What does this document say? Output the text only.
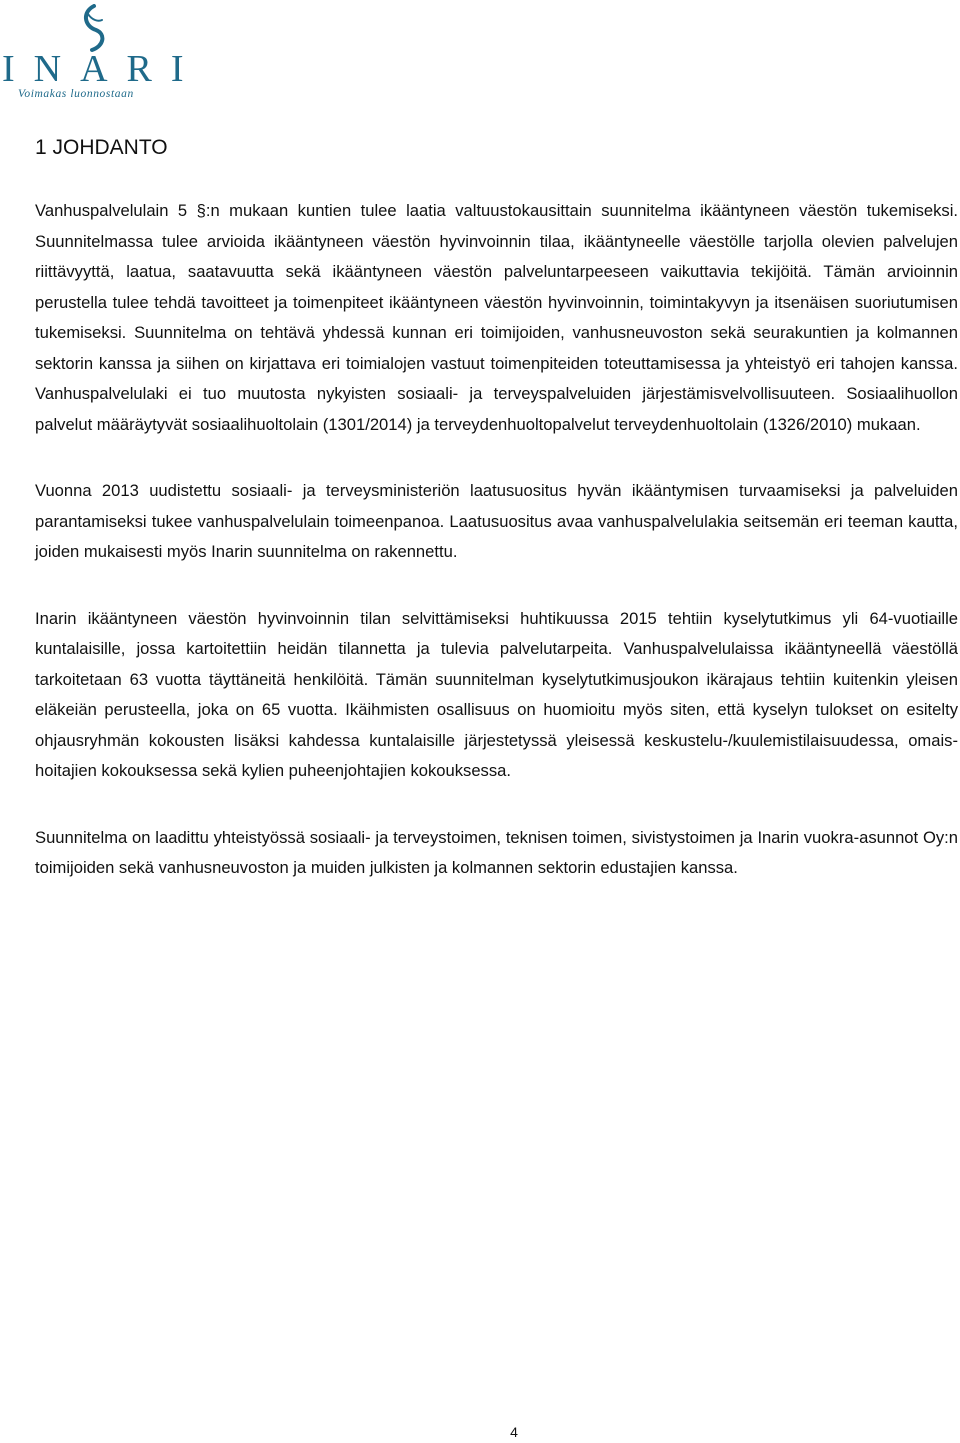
INARI
Voimakas luonnostaan
1 JOHDANTO

Vanhuspalvelulain 5 §:n mukaan kuntien tulee laatia valtuustokausittain suunnitelma ikääntyneen väestön tukemiseksi. Suunnitelmassa tulee arvioida ikääntyneen väestön hyvinvoinnin tilaa, ikääntyneelle väestölle tarjolla olevien palvelujen riittävyyttä, laatua, saatavuutta sekä ikääntyneen väestön palveluntarpeeseen vaikuttavia tekijöitä. Tämän arvioinnin perustella tulee tehdä tavoitteet ja toimenpiteet ikääntyneen väestön hyvinvoinnin, toimintakyvyn ja itsenäisen suoriutumisen tukemiseksi. Suunnitelma on tehtävä yhdessä kunnan eri toimijoiden, vanhusneuvoston sekä seurakuntien ja kolmannen sektorin kanssa ja siihen on kirjattava eri toimialojen vastuut toimenpiteiden toteuttamisessa ja yhteistyö eri tahojen kanssa. Vanhuspalvelulaki ei tuo muutosta nykyisten sosiaali- ja terveyspalveluiden järjestämisvelvollisuuteen. Sosiaalihuollon palvelut määräytyvät sosiaalihuoltolain (1301/2014) ja terveydenhuoltopalvelut terveydenhuoltolain (1326/2010) mukaan.

Vuonna 2013 uudistettu sosiaali- ja terveysministeriön laatusuositus hyvän ikääntymisen turvaamiseksi ja palveluiden parantamiseksi tukee vanhuspalvelulain toimeenpanoa. Laatusuositus avaa vanhuspalvelulakia seitsemän eri teeman kautta, joiden mukaisesti myös Inarin suunnitelma on rakennettu.

Inarin ikääntyneen väestön hyvinvoinnin tilan selvittämiseksi huhtikuussa 2015 tehtiin kyselytutkimus yli 64-vuotiaille kuntalaisille, jossa kartoitettiin heidän tilannetta ja tulevia palvelutarpeita. Vanhuspalvelulaissa ikääntyneellä väestöllä tarkoitetaan 63 vuotta täyttäneitä henkilöitä. Tämän suunnitelman kyselytutkimusjoukon ikärajaus tehtiin kuitenkin yleisen eläkeiän perusteella, joka on 65 vuotta. Ikäihmisten osallisuus on huomioitu myös siten, että kyselyn tulokset on esitelty ohjausryhmän kokousten lisäksi kahdessa kuntalaisille järjestetyssä yleisessä keskustelu-/kuulemistilaisuudessa, omaishoitajien kokouksessa sekä kylien puheenjohtajien kokouksessa.

Suunnitelma on laadittu yhteistyössä sosiaali- ja terveystoimen, teknisen toimen, sivistystoimen ja Inarin vuokra-asunnot Oy:n toimijoiden sekä vanhusneuvoston ja muiden julkisten ja kolmannen sektorin edustajien kanssa.

4
